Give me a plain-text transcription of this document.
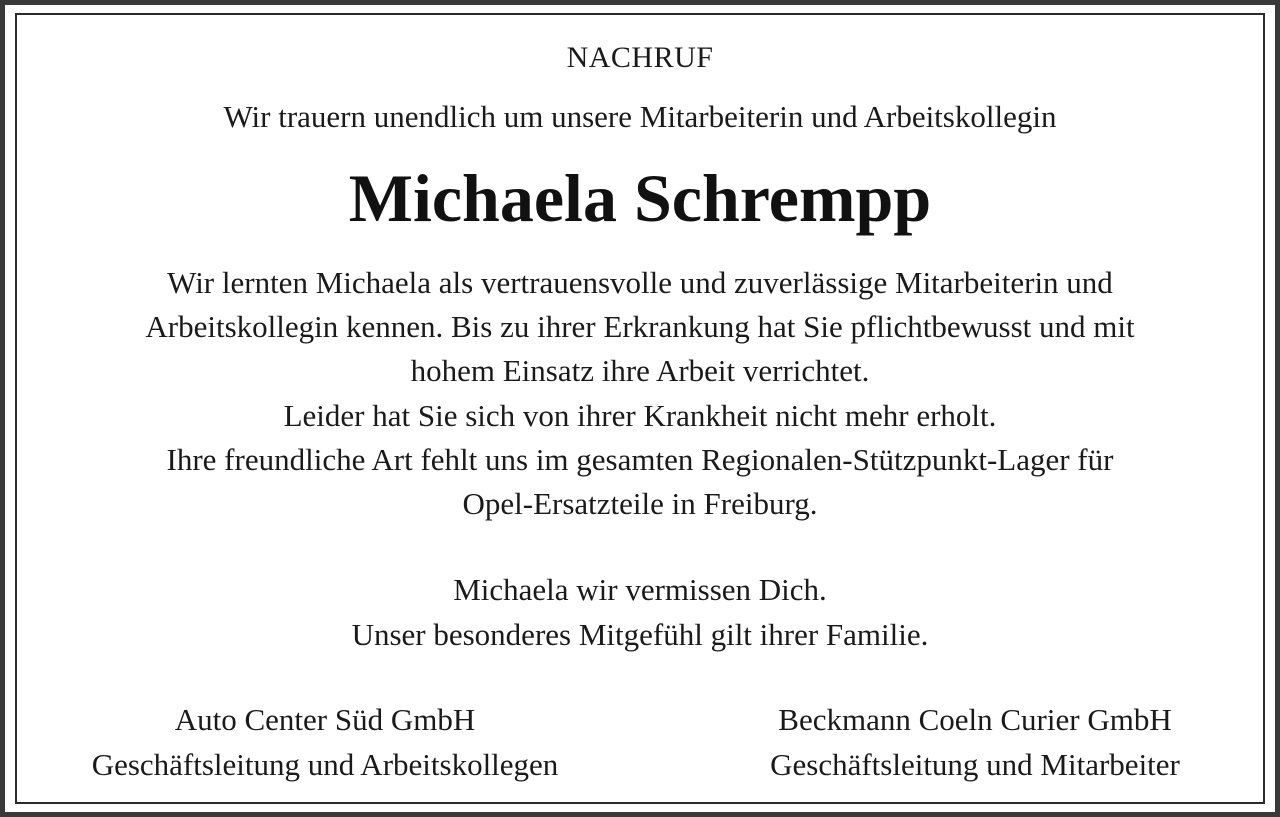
NACHRUF
Wir trauern unendlich um unsere Mitarbeiterin und Arbeitskollegin
Michaela Schrempp
Wir lernten Michaela als vertrauensvolle und zuverlässige Mitarbeiterin und
Arbeitskollegin kennen. Bis zu ihrer Erkrankung hat Sie pflichtbewusst und mit
hohem Einsatz ihre Arbeit verrichtet.
Leider hat Sie sich von ihrer Krankheit nicht mehr erholt.
Ihre freundliche Art fehlt uns im gesamten Regionalen-Stützpunkt-Lager für
Opel-Ersatzteile in Freiburg.
Michaela wir vermissen Dich.
Unser besonderes Mitgefühl gilt ihrer Familie.
Auto Center Süd GmbH
Geschäftsleitung und Arbeitskollegen
Beckmann Coeln Curier GmbH
Geschäftsleitung und Mitarbeiter
